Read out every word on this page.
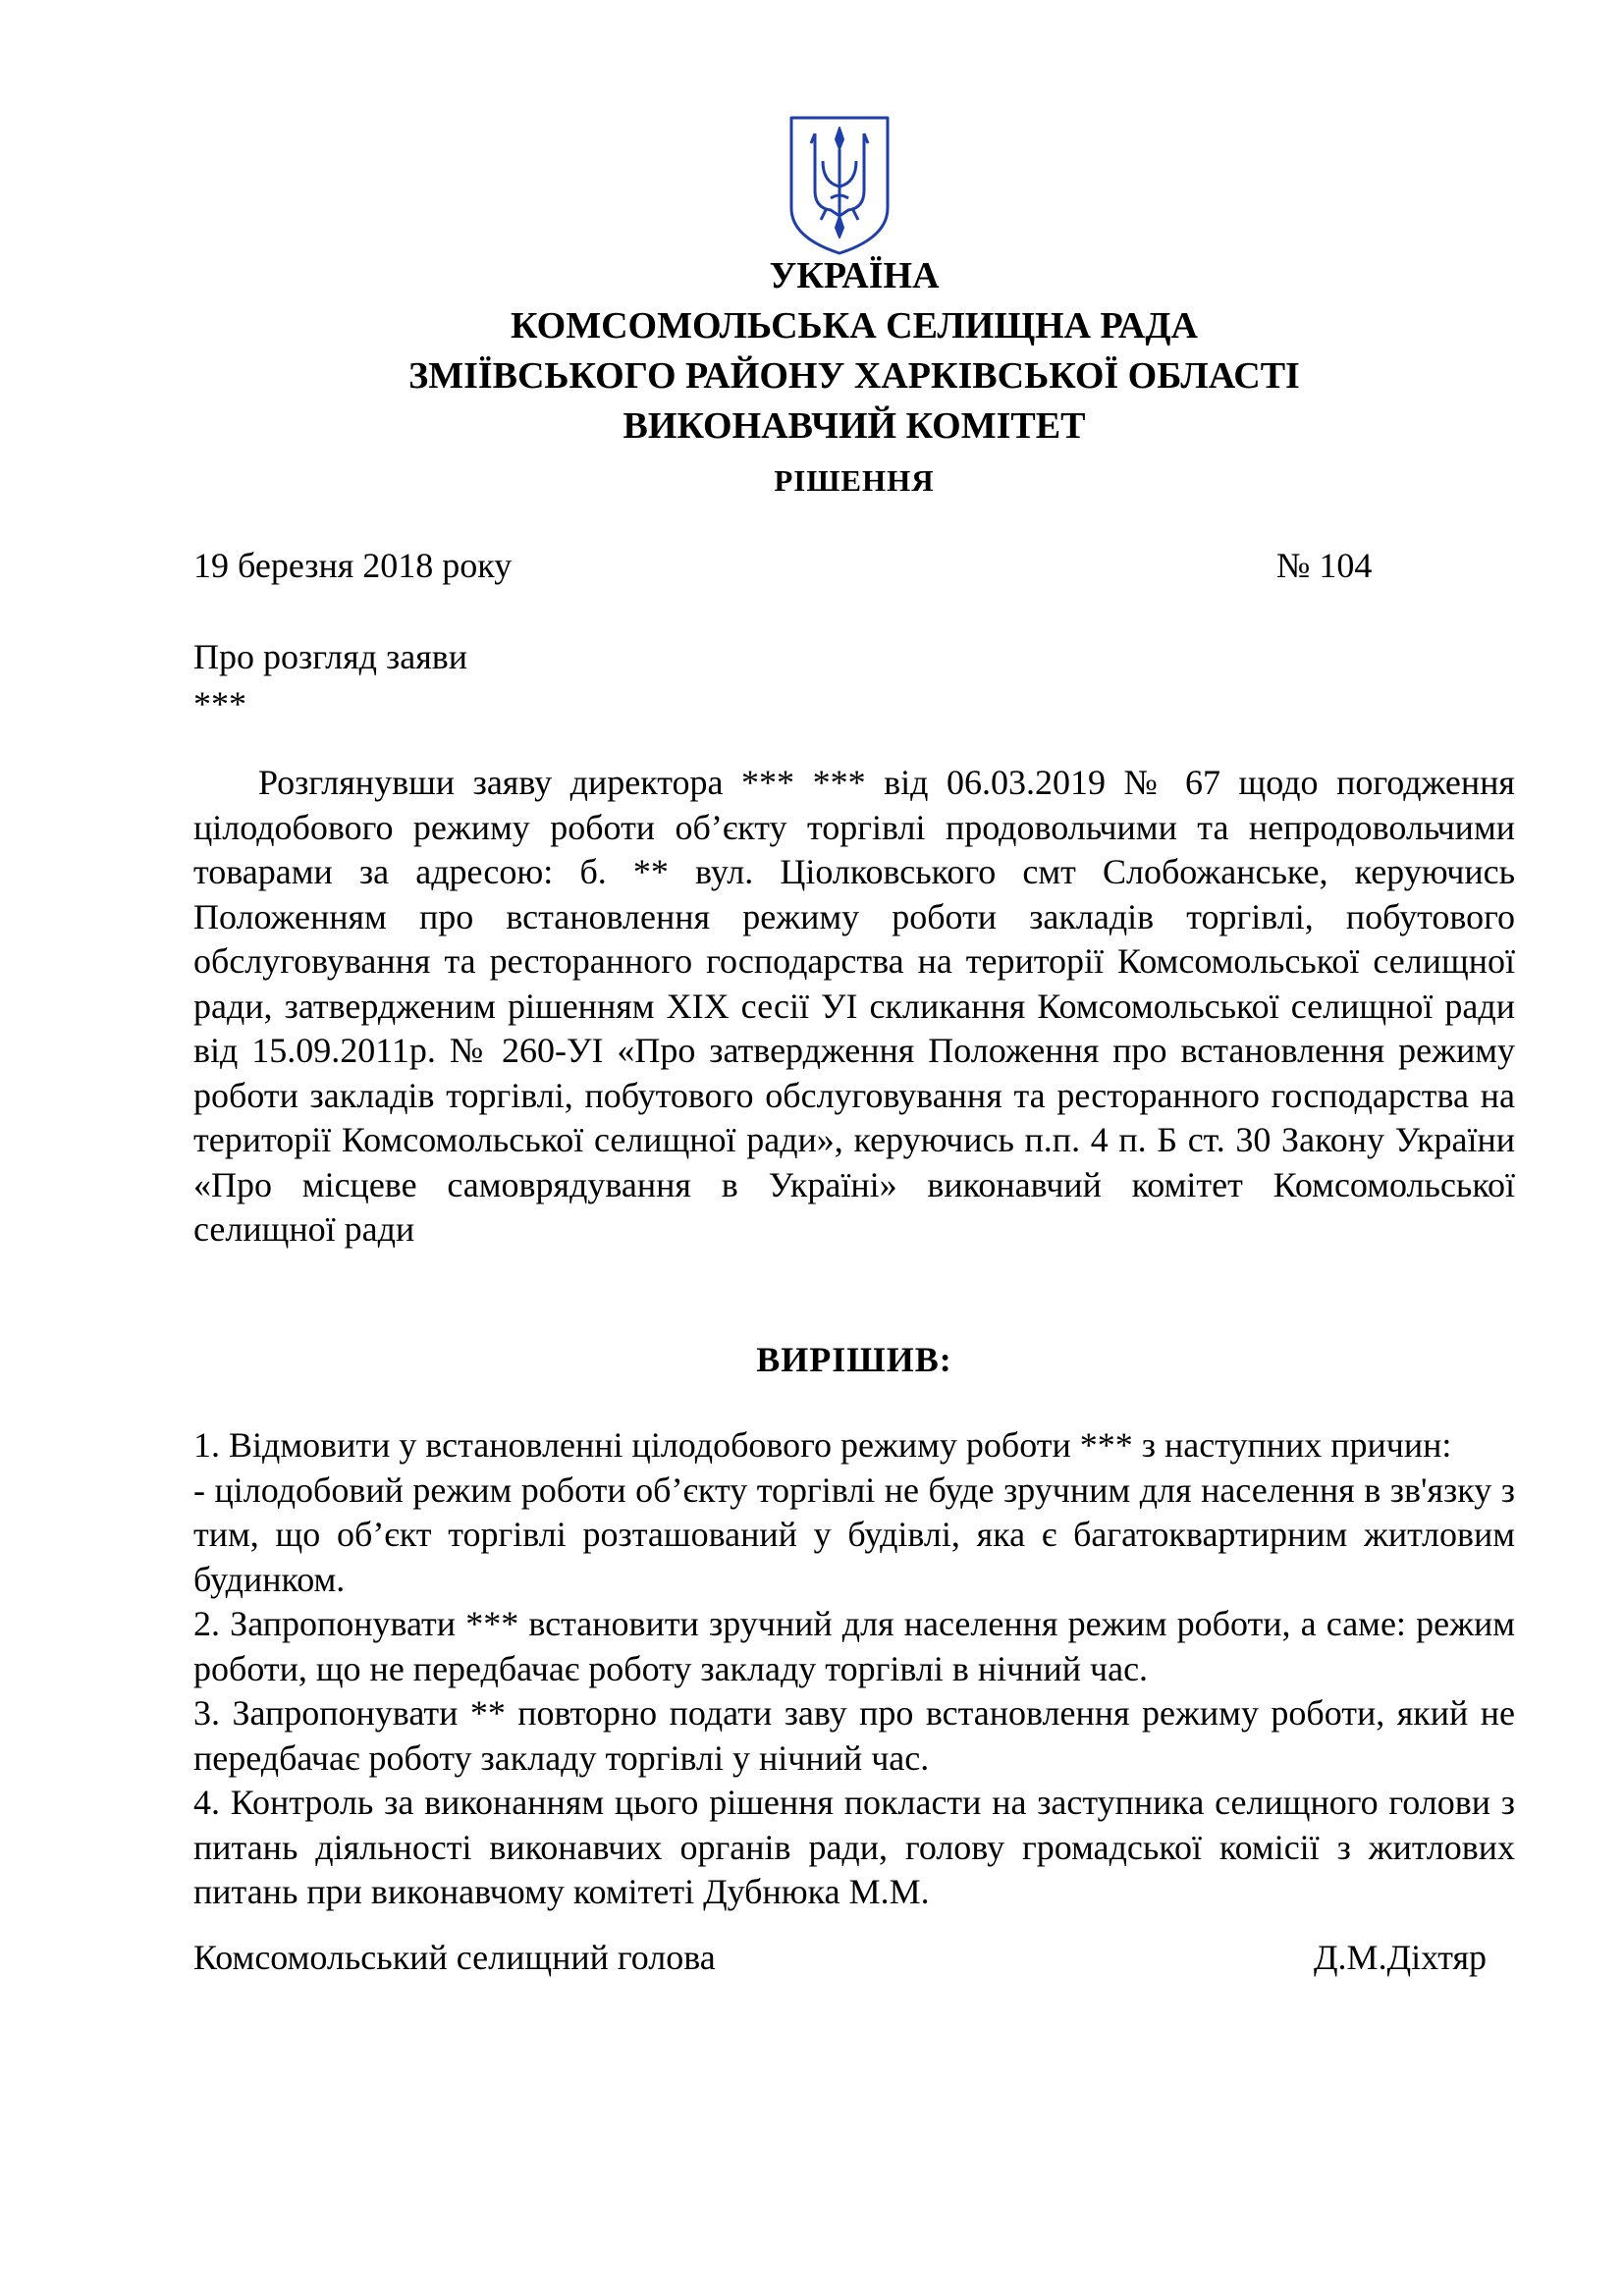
УКРАЇНА
КОМСОМОЛЬСЬКА СЕЛИЩНА РАДА
ЗМІЇВСЬКОГО РАЙОНУ ХАРКІВСЬКОЇ ОБЛАСТІ
ВИКОНАВЧИЙ КОМІТЕТ
РІШЕННЯ
19 березня 2018 року	№ 104
Про розгляд заяви
***

Розглянувши заяву директора *** *** від 06.03.2019 № 67 щодо погодження цілодобового режиму роботи об’єкту торгівлі продовольчими та непродовольчими товарами за адресою: б. ** вул. Ціолковського смт Слобожанське, керуючись Положенням про встановлення режиму роботи закладів торгівлі, побутового обслуговування та ресторанного господарства на території Комсомольської селищної ради, затвердженим рішенням ХІХ сесії УІ скликання Комсомольської селищної ради від 15.09.2011р. № 260-УІ «Про затвердження Положення про встановлення режиму роботи закладів торгівлі, побутового обслуговування та ресторанного господарства на території Комсомольської селищної ради», керуючись п.п. 4 п. Б ст. 30 Закону України «Про місцеве самоврядування в Україні» виконавчий комітет Комсомольської селищної ради

ВИРІШИВ:
1. Відмовити у встановленні цілодобового режиму роботи *** з наступних причин:
- цілодобовий режим роботи об’єкту торгівлі не буде зручним для населення в зв'язку з тим, що об’єкт торгівлі розташований у будівлі, яка є багатоквартирним житловим будинком.
2. Запропонувати *** встановити зручний для населення режим роботи, а саме: режим роботи, що не передбачає роботу закладу торгівлі в нічний час.
3. Запропонувати ** повторно подати заву про встановлення режиму роботи, який не передбачає роботу закладу торгівлі у нічний час.
4. Контроль за виконанням цього рішення покласти на заступника селищного голови з питань діяльності виконавчих органів ради, голову громадської комісії з житлових питань при виконавчому комітеті Дубнюка М.М.
Комсомольський селищний голова	Д.М.Діхтяр
